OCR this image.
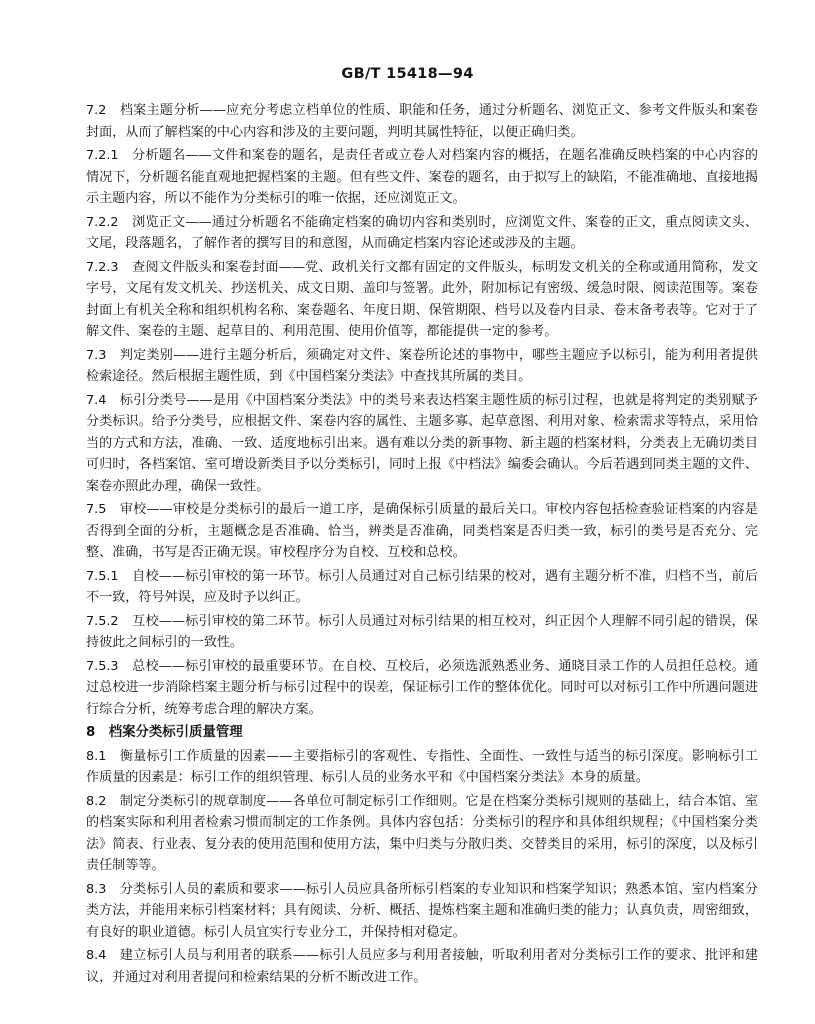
GB/T 15418—94

7.2　 档案主题分析——应充分考虑立档单位的性质、职能和任务，通过分析题名、浏览正文、参考文件版头和案卷封面，从而了解档案的中心内容和涉及的主要问题，判明其属性特征，以便正确归类。

7.2.1　 分析题名——文件和案卷的题名，是责任者或立卷人对档案内容的概括，在题名准确反映档案的中心内容的情况下，分析题名能直观地把握档案的主题。但有些文件、案卷的题名，由于拟写上的缺陷，不能准确地、直接地揭示主题内容，所以不能作为分类标引的唯一依据，还应浏览正文。

7.2.2　 浏览正文——通过分析题名不能确定档案的确切内容和类别时，应浏览文件、案卷的正文，重点阅读文头、文尾，段落题名，了解作者的撰写目的和意图，从而确定档案内容论述或涉及的主题。

7.2.3　 查阅文件版头和案卷封面——党、政机关行文都有固定的文件版头，标明发文机关的全称或通用简称，发文字号，文尾有发文机关、抄送机关、成文日期、盖印与签署。此外，附加标记有密级、缓急时限、阅读范围等。案卷封面上有机关全称和组织机构名称、案卷题名、年度日期、保管期限、档号以及卷内目录、卷末备考表等。它对于了解文件、案卷的主题、起草目的、利用范围、使用价值等，都能提供一定的参考。

7.3　 判定类别——进行主题分析后，须确定对文件、案卷所论述的事物中，哪些主题应予以标引，能为利用者提供检索途径。然后根据主题性质，到《中国档案分类法》中查找其所属的类目。

7.4　 标引分类号——是用《中国档案分类法》中的类号来表达档案主题性质的标引过程，也就是将判定的类别赋予分类标识。给予分类号，应根据文件、案卷内容的属性、主题多寡、起草意图、利用对象、检索需求等特点，采用恰当的方式和方法，准确、一致、适度地标引出来。遇有难以分类的新事物、新主题的档案材料，分类表上无确切类目可归时，各档案馆、室可增设新类目予以分类标引，同时上报《中档法》编委会确认。今后若遇到同类主题的文件、案卷亦照此办理，确保一致性。

7.5　 审校——审校是分类标引的最后一道工序，是确保标引质量的最后关口。审校内容包括检查验证档案的内容是否得到全面的分析，主题概念是否准确、恰当，辨类是否准确，同类档案是否归类一致，标引的类号是否充分、完整、准确，书写是否正确无误。审校程序分为自校、互校和总校。

7.5.1　 自校——标引审校的第一环节。标引人员通过对自己标引结果的校对，遇有主题分析不准，归档不当，前后不一致，符号舛误，应及时予以纠正。

7.5.2　 互校——标引审校的第二环节。标引人员通过对标引结果的相互校对，纠正因个人理解不同引起的错误，保持彼此之间标引的一致性。

7.5.3　 总校——标引审校的最重要环节。在自校、互校后，必须选派熟悉业务、通晓目录工作的人员担任总校。通过总校进一步消除档案主题分析与标引过程中的误差，保证标引工作的整体优化。同时可以对标引工作中所遇问题进行综合分析，统筹考虑合理的解决方案。

8　 档案分类标引质量管理

8.1　 衡量标引工作质量的因素——主要指标引的客观性、专指性、全面性、一致性与适当的标引深度。影响标引工作质量的因素是：标引工作的组织管理、标引人员的业务水平和《中国档案分类法》本身的质量。

8.2　 制定分类标引的规章制度——各单位可制定标引工作细则。它是在档案分类标引规则的基础上，结合本馆、室的档案实际和利用者检索习惯而制定的工作条例。具体内容包括：分类标引的程序和具体组织规程；《中国档案分类法》简表、行业表、复分表的使用范围和使用方法，集中归类与分散归类、交替类目的采用，标引的深度，以及标引责任制等等。

8.3　 分类标引人员的素质和要求——标引人员应具备所标引档案的专业知识和档案学知识；熟悉本馆、室内档案分类方法，并能用来标引档案材料；具有阅读、分析、概括、提炼档案主题和准确归类的能力；认真负责，周密细致，有良好的职业道德。标引人员宜实行专业分工，并保持相对稳定。

8.4　 建立标引人员与利用者的联系——标引人员应多与利用者接触，听取利用者对分类标引工作的要求、批评和建议，并通过对利用者提问和检索结果的分析不断改进工作。
